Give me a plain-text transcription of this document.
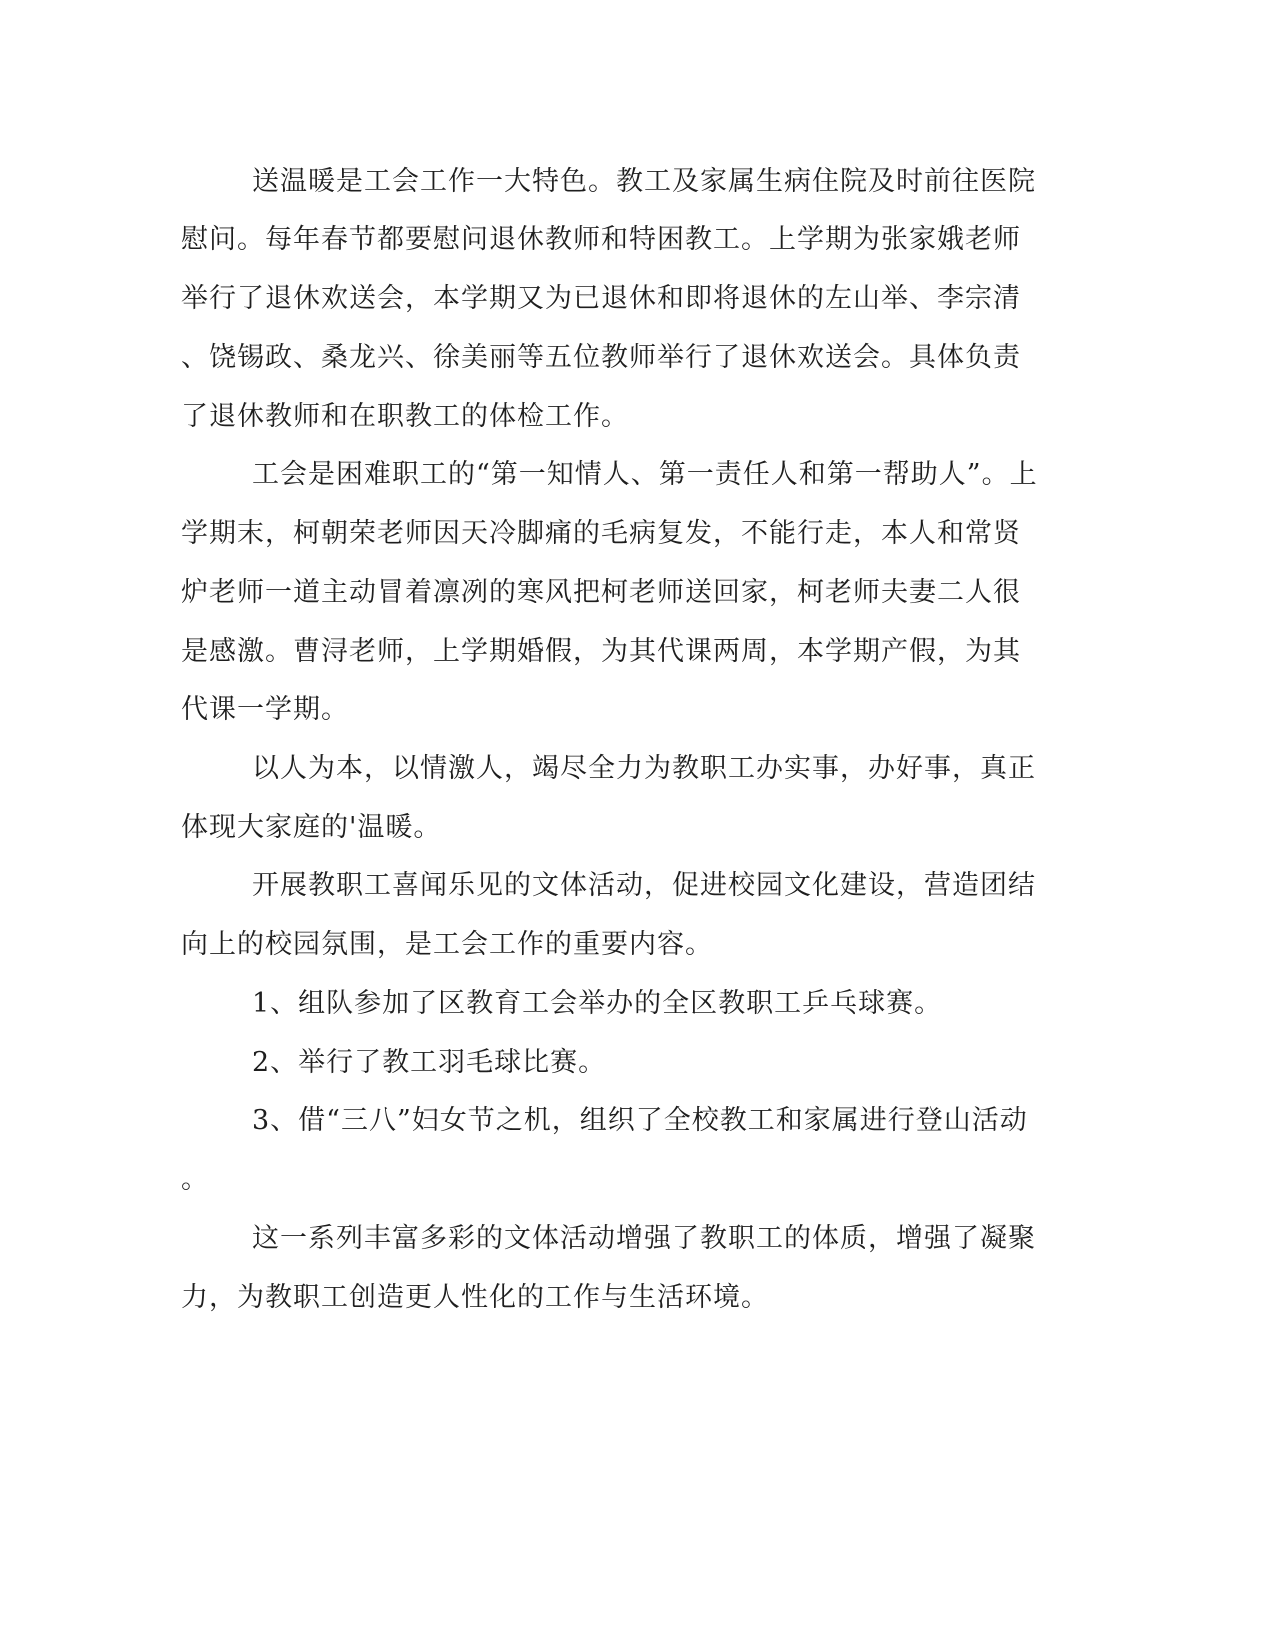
送温暖是工会工作一大特色。教工及家属生病住院及时前往医院

慰问。每年春节都要慰问退休教师和特困教工。上学期为张家娥老师

举行了退休欢送会，本学期又为已退休和即将退休的左山举、李宗清

、饶锡政、桑龙兴、徐美丽等五位教师举行了退休欢送会。具体负责

了退休教师和在职教工的体检工作。

工会是困难职工的“第一知情人、第一责任人和第一帮助人”。上

学期末，柯朝荣老师因天冷脚痛的毛病复发，不能行走，本人和常贤

炉老师一道主动冒着凛冽的寒风把柯老师送回家，柯老师夫妻二人很

是感激。曹浔老师，上学期婚假，为其代课两周，本学期产假，为其

代课一学期。

以人为本，以情激人，竭尽全力为教职工办实事，办好事，真正

体现大家庭的'温暖。

开展教职工喜闻乐见的文体活动，促进校园文化建设，营造团结

向上的校园氛围，是工会工作的重要内容。

1、组队参加了区教育工会举办的全区教职工乒乓球赛。

2、举行了教工羽毛球比赛。

3、借“三八”妇女节之机，组织了全校教工和家属进行登山活动

。

这一系列丰富多彩的文体活动增强了教职工的体质，增强了凝聚

力，为教职工创造更人性化的工作与生活环境。
